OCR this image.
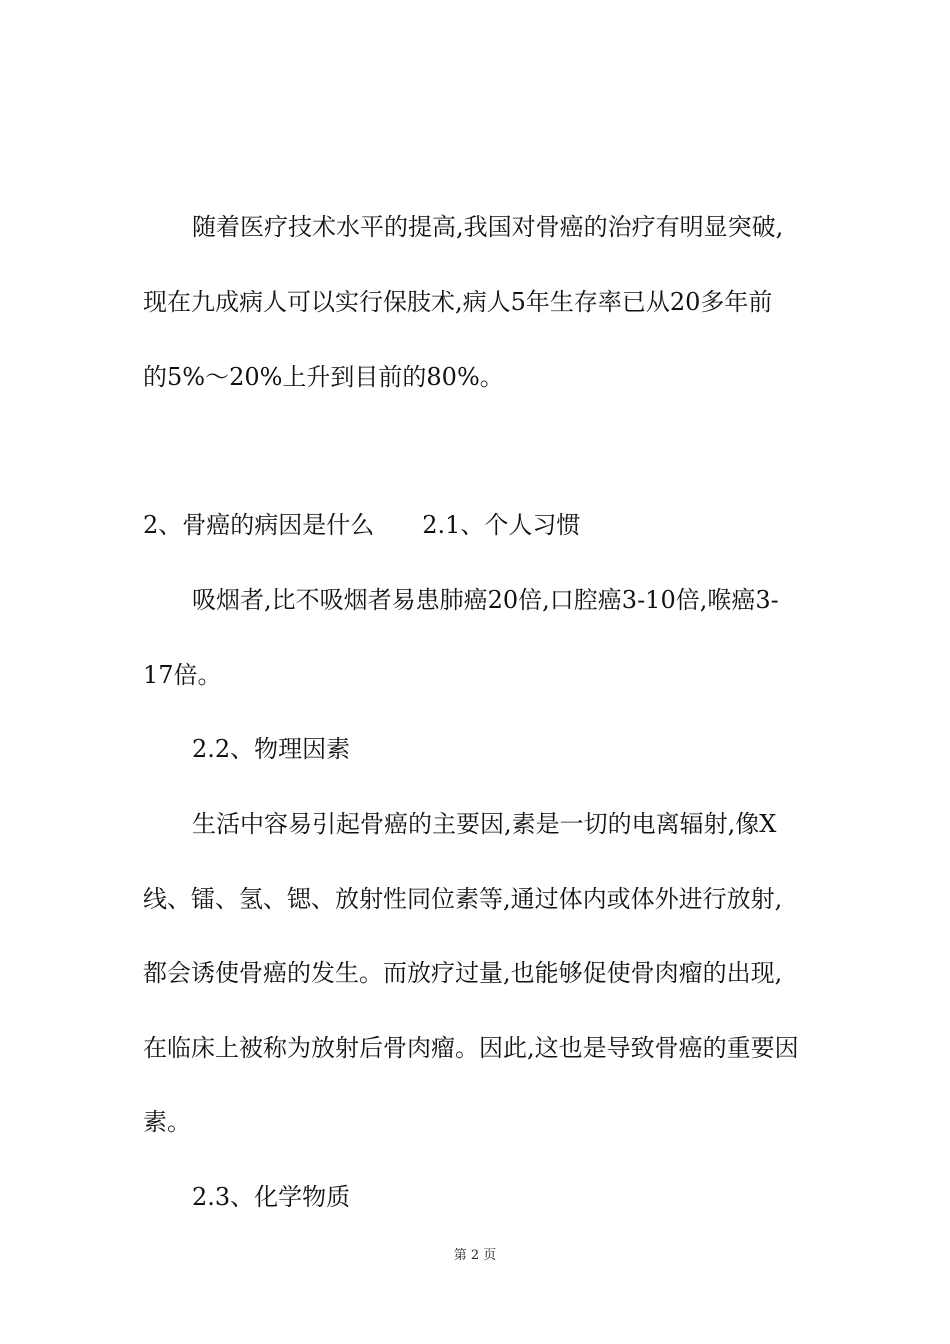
随着医疗技术水平的提高,我国对骨癌的治疗有明显突破,
现在九成病人可以实行保肢术,病人5年生存率已从20多年前
的5%～20%上升到目前的80%。
2、骨癌的病因是什么　　2.1、个人习惯
吸烟者,比不吸烟者易患肺癌20倍,口腔癌3-10倍,喉癌3-
17倍。
2.2、物理因素
生活中容易引起骨癌的主要因,素是一切的电离辐射,像X
线、镭、氢、锶、放射性同位素等,通过体内或体外进行放射,
都会诱使骨癌的发生。而放疗过量,也能够促使骨肉瘤的出现,
在临床上被称为放射后骨肉瘤。因此,这也是导致骨癌的重要因
素。
2.3、化学物质
第 2 页
